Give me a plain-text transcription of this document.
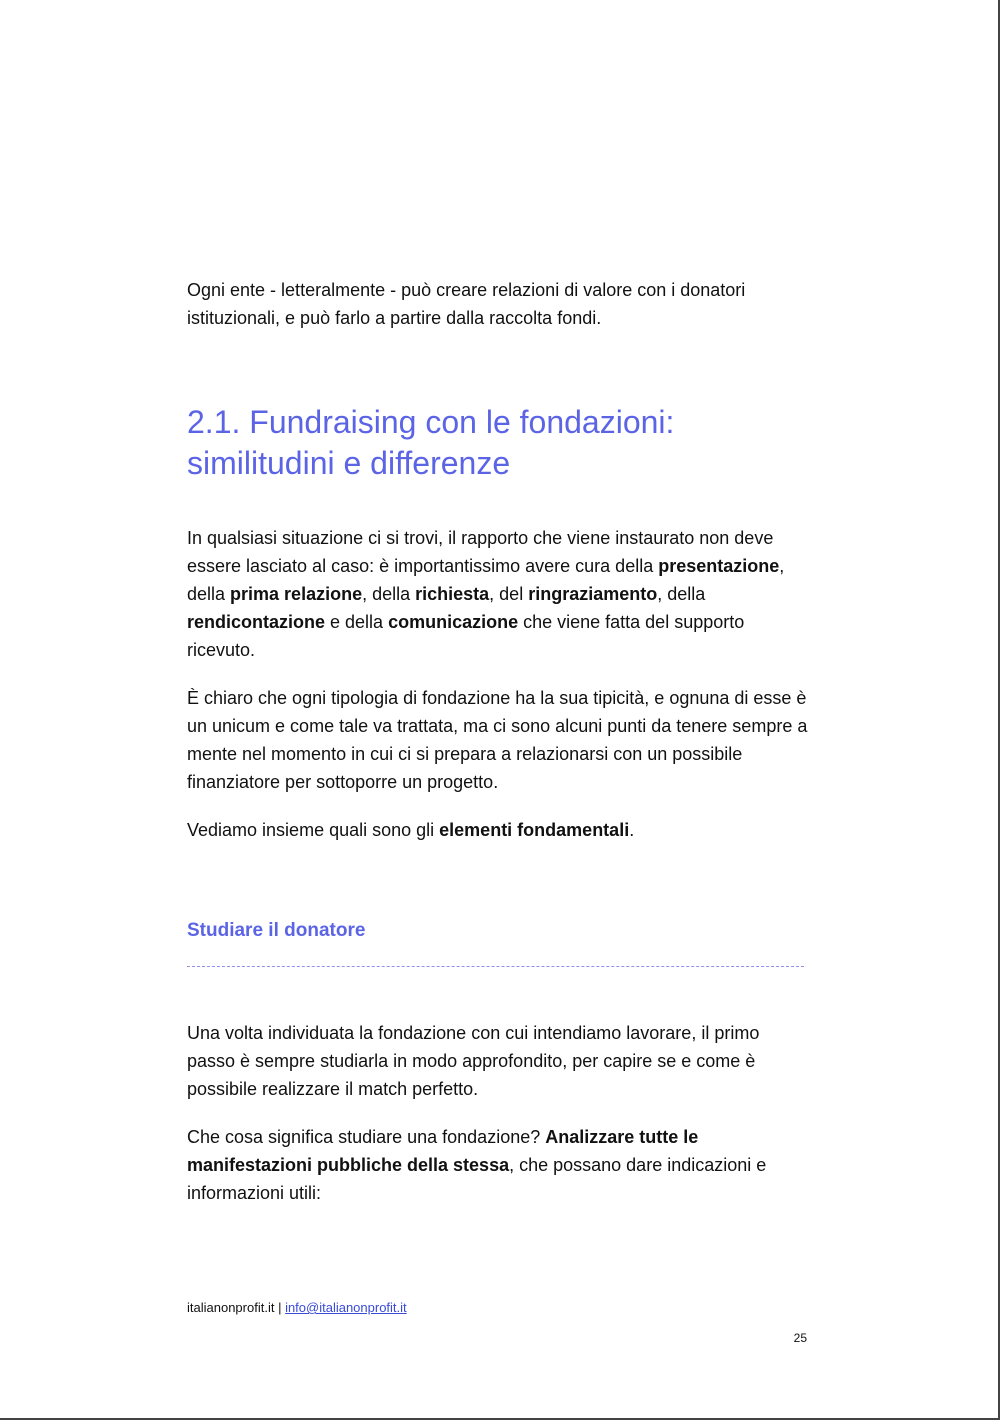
Ogni ente - letteralmente - può creare relazioni di valore con i donatori
istituzionali, e può farlo a partire dalla raccolta fondi.

2.1. Fundraising con le fondazioni:
similitudini e differenze

In qualsiasi situazione ci si trovi, il rapporto che viene instaurato non deve essere lasciato al caso: è importantissimo avere cura della presentazione, della prima relazione, della richiesta, del ringraziamento, della rendicontazione e della comunicazione che viene fatta del supporto ricevuto.

È chiaro che ogni tipologia di fondazione ha la sua tipicità, e ognuna di esse è un unicum e come tale va trattata, ma ci sono alcuni punti da tenere sempre a mente nel momento in cui ci si prepara a relazionarsi con un possibile finanziatore per sottoporre un progetto.

Vediamo insieme quali sono gli elementi fondamentali.

Studiare il donatore

Una volta individuata la fondazione con cui intendiamo lavorare, il primo passo è sempre studiarla in modo approfondito, per capire se e come è possibile realizzare il match perfetto.

Che cosa significa studiare una fondazione? Analizzare tutte le manifestazioni pubbliche della stessa, che possano dare indicazioni e informazioni utili:

italianonprofit.it | info@italianonprofit.it
25
